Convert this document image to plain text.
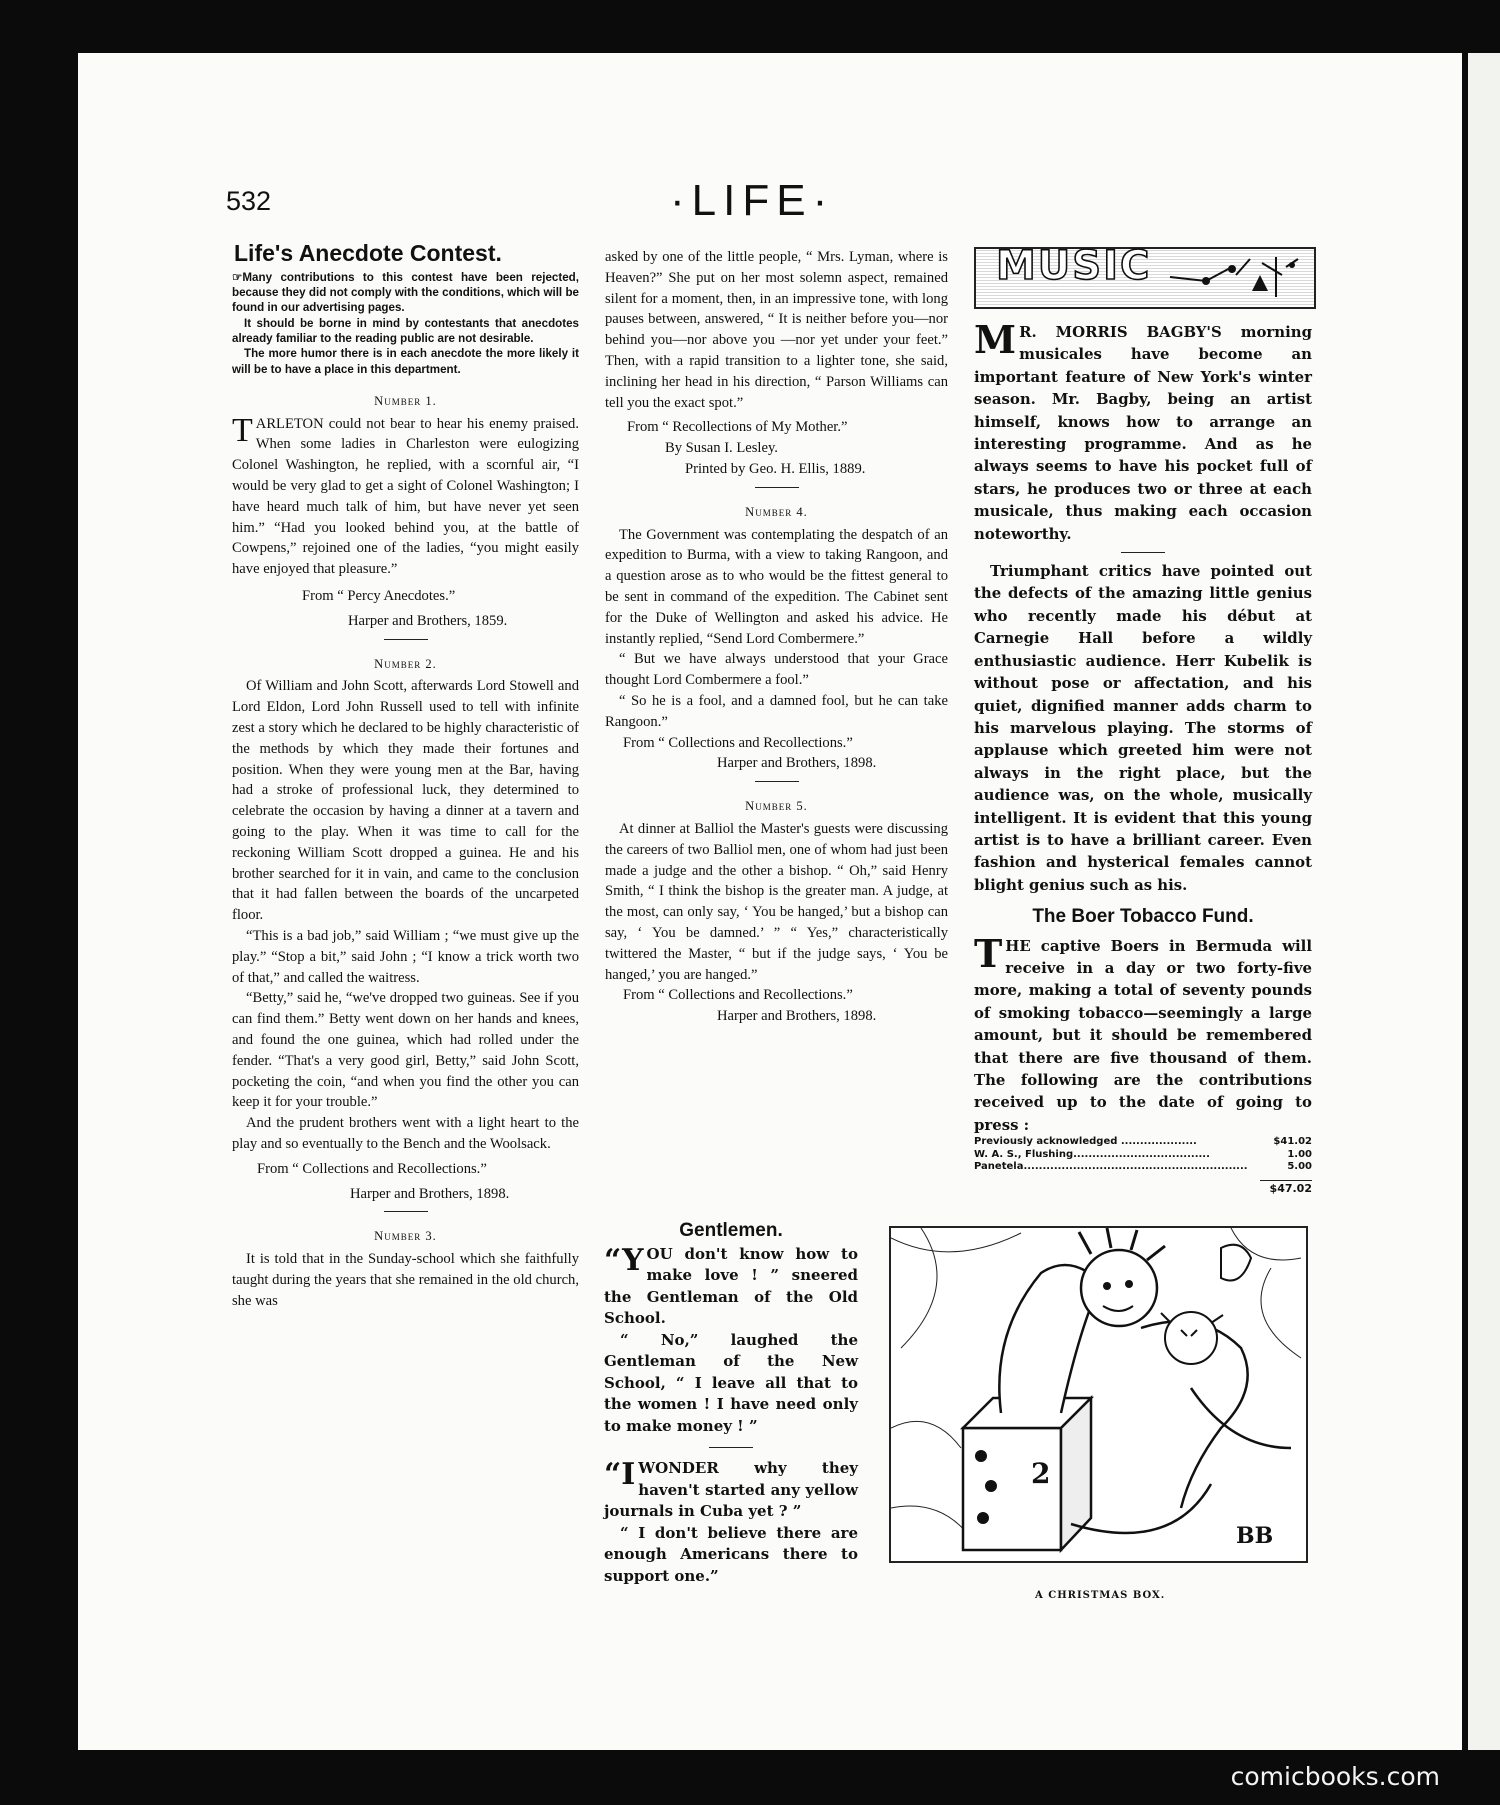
532	·LIFE·
Life's Anecdote Contest.

☞Many contributions to this contest have been rejected, because they did not comply with the conditions, which will be found in our advertising pages.

It should be borne in mind by contestants that anecdotes already familiar to the reading public are not desirable.

The more humor there is in each anecdote the more likely it will be to have a place in this department.

Number 1.

TARLETON could not bear to hear his enemy praised. When some ladies in Charleston were eulogizing Colonel Washington, he replied, with a scornful air, “I would be very glad to get a sight of Colonel Washington; I have heard much talk of him, but have never yet seen him.” “Had you looked behind you, at the battle of Cowpens,” rejoined one of the ladies, “you might easily have enjoyed that pleasure.”

From “ Percy Anecdotes.”

Harper and Brothers, 1859.

Number 2.

Of William and John Scott, afterwards Lord Stowell and Lord Eldon, Lord John Russell used to tell with infinite zest a story which he declared to be highly characteristic of the methods by which they made their fortunes and position. When they were young men at the Bar, having had a stroke of professional luck, they determined to celebrate the occasion by having a dinner at a tavern and going to the play. When it was time to call for the reckoning William Scott dropped a guinea. He and his brother searched for it in vain, and came to the conclusion that it had fallen between the boards of the uncarpeted floor.

“This is a bad job,” said William ; “we must give up the play.” “Stop a bit,” said John ; “I know a trick worth two of that,” and called the waitress.

“Betty,” said he, “we've dropped two guineas. See if you can find them.” Betty went down on her hands and knees, and found the one guinea, which had rolled under the fender. “That's a very good girl, Betty,” said John Scott, pocketing the coin, “and when you find the other you can keep it for your trouble.”

And the prudent brothers went with a light heart to the play and so eventually to the Bench and the Woolsack.

From “ Collections and Recollections.”

Harper and Brothers, 1898.

Number 3.

It is told that in the Sunday-school which she faithfully taught during the years that she remained in the old church, she was

asked by one of the little people, “ Mrs. Lyman, where is Heaven?” She put on her most solemn aspect, remained silent for a moment, then, in an impressive tone, with long pauses between, answered, “ It is neither before you—nor behind you—nor above you —nor yet under your feet.” Then, with a rapid transition to a lighter tone, she said, inclining her head in his direction, “ Parson Williams can tell you the exact spot.”

From “ Recollections of My Mother.”

By Susan I. Lesley.

Printed by Geo. H. Ellis, 1889.

Number 4.

The Government was contemplating the despatch of an expedition to Burma, with a view to taking Rangoon, and a question arose as to who would be the fittest general to be sent in command of the expedition. The Cabinet sent for the Duke of Wellington and asked his advice. He instantly replied, “Send Lord Combermere.”

“ But we have always understood that your Grace thought Lord Combermere a fool.”

“ So he is a fool, and a damned fool, but he can take Rangoon.”

From “ Collections and Recollections.”

Harper and Brothers, 1898.

Number 5.

At dinner at Balliol the Master's guests were discussing the careers of two Balliol men, one of whom had just been made a judge and the other a bishop. “ Oh,” said Henry Smith, “ I think the bishop is the greater man. A judge, at the most, can only say, ‘ You be hanged,’ but a bishop can say, ‘ You be damned.’ ” “ Yes,” characteristically twittered the Master, “ but if the judge says, ‘ You be hanged,’ you are hanged.”

From “ Collections and Recollections.”

Harper and Brothers, 1898.

Gentlemen.

“YOU don't know how to make love ! ” sneered the Gentleman of the Old School.

“ No,” laughed the Gentleman of the New School, “ I leave all that to the women ! I have need only to make money ! ”

“IWONDER why they haven't started any yellow journals in Cuba yet ? ”

“ I don't believe there are enough Americans there to support one.”

MUSIC

M R. MORRIS BAGBY'S morning musicales have become an important feature of New York's winter season. Mr. Bagby, being an artist himself, knows how to arrange an interesting programme. And as he always seems to have his pocket full of stars, he produces two or three at each musicale, thus making each occasion noteworthy.

Triumphant critics have pointed out the defects of the amazing little genius who recently made his début at Carnegie Hall before a wildly enthusiastic audience. Herr Kubelik is without pose or affectation, and his quiet, dignified manner adds charm to his marvelous playing. The storms of applause which greeted him were not always in the right place, but the audience was, on the whole, musically intelligent. It is evident that this young artist is to have a brilliant career. Even fashion and hysterical females cannot blight genius such as his.

The Boer Tobacco Fund.

THE captive Boers in Bermuda will receive in a day or two forty-five more, making a total of seventy pounds of smoking tobacco—seemingly a large amount, but it should be remembered that there are five thousand of them. The following are the contributions received up to the date of going to press :

Previously acknowledged ....................	$41.02
W. A. S., Flushing....................................	1.00
Panetela...........................................................	5.00
$47.02
2
BB
A CHRISTMAS BOX.
comicbooks.com
